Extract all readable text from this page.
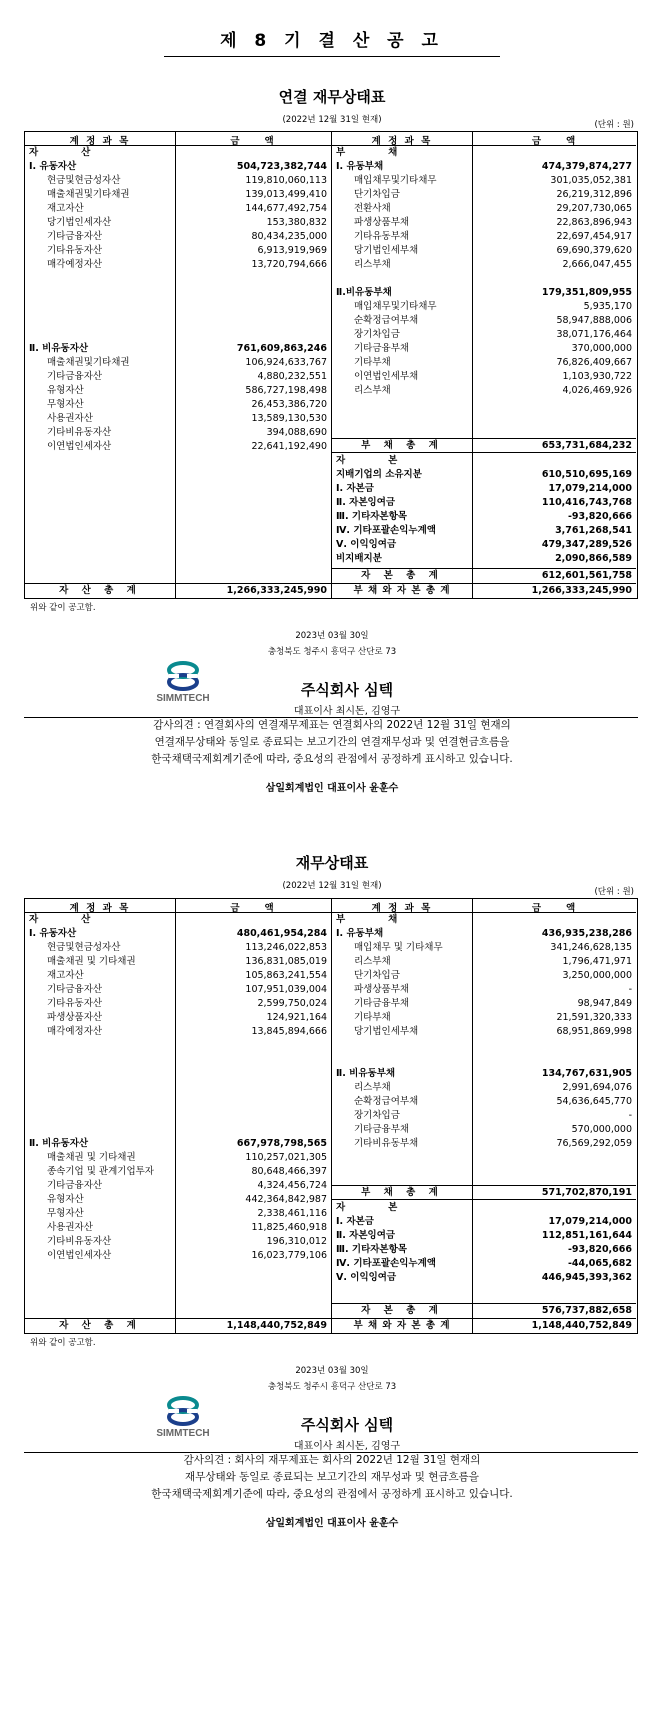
제 8 기 결 산 공 고
연결 재무상태표
(2022년 12월 31일 현재)	(단위 : 원)
계 정 과 목	금　　액
자　　　　산
Ⅰ. 유동자산	504,723,382,744
현금및현금성자산	119,810,060,113
매출채권및기타채권	139,013,499,410
재고자산	144,677,492,754
당기법인세자산	153,380,832
기타금융자산	80,434,235,000
기타유동자산	6,913,919,969
매각예정자산	13,720,794,666
Ⅱ. 비유동자산	761,609,863,246
매출채권및기타채권	106,924,633,767
기타금융자산	4,880,232,551
유형자산	586,727,198,498
무형자산	26,453,386,720
사용권자산	13,589,130,530
기타비유동자산	394,088,690
이연법인세자산	22,641,192,490
자 산 총 계	1,266,333,245,990
계 정 과 목	금　　액
부　　　　채
Ⅰ. 유동부채	474,379,874,277
매입채무및기타채무	301,035,052,381
단기차입금	26,219,312,896
전환사채	29,207,730,065
파생상품부채	22,863,896,943
기타유동부채	22,697,454,917
당기법인세부채	69,690,379,620
리스부채	2,666,047,455
Ⅱ.비유동부채	179,351,809,955
매입채무및기타채무	5,935,170
순확정급여부채	58,947,888,006
장기차입금	38,071,176,464
기타금융부채	370,000,000
기타부채	76,826,409,667
이연법인세부채	1,103,930,722
리스부채	4,026,469,926
부 채 총 계	653,731,684,232
자　　　　본
지배기업의 소유지분	610,510,695,169
Ⅰ. 자본금	17,079,214,000
Ⅱ. 자본잉여금	110,416,743,768
Ⅲ. 기타자본항목	-93,820,666
Ⅳ. 기타포괄손익누계액	3,761,268,541
Ⅴ. 이익잉여금	479,347,289,526
비지배지분	2,090,866,589
자 본 총 계	612,601,561,758
부 채 와 자 본 총 계	1,266,333,245,990
위와 같이 공고함.
2023년 03월 30일
충청북도 청주시 흥덕구 산단로 73
SIMMTECH	주식회사 심텍
대표이사 최시돈, 김영구
감사의견 : 연결회사의 연결재무제표는 연결회사의 2022년 12월 31일 현재의
연결재무상태와 동일로 종료되는 보고기간의 연결재무성과 및 연결현금흐름을
한국채택국제회계기준에 따라, 중요성의 관점에서 공정하게 표시하고 있습니다.
삼일회계법인 대표이사 윤훈수
재무상태표
(2022년 12월 31일 현재)
(단위 : 원)
계 정 과 목	금　　액
자　　　　산
Ⅰ. 유동자산	480,461,954,284
현금및현금성자산	113,246,022,853
매출채권 및 기타채권	136,831,085,019
재고자산	105,863,241,554
기타금융자산	107,951,039,004
기타유동자산	2,599,750,024
파생상품자산	124,921,164
매각예정자산	13,845,894,666
Ⅱ. 비유동자산	667,978,798,565
매출채권 및 기타채권	110,257,021,305
종속기업 및 관계기업투자	80,648,466,397
기타금융자산	4,324,456,724
유형자산	442,364,842,987
무형자산	2,338,461,116
사용권자산	11,825,460,918
기타비유동자산	196,310,012
이연법인세자산	16,023,779,106
자 산 총 계	1,148,440,752,849
계 정 과 목	금　　액
부　　　　채
Ⅰ. 유동부채	436,935,238,286
매입채무 및 기타채무	341,246,628,135
리스부채	1,796,471,971
단기차입금	3,250,000,000
파생상품부채	-
기타금융부채	98,947,849
기타부채	21,591,320,333
당기법인세부채	68,951,869,998
Ⅱ. 비유동부채	134,767,631,905
리스부채	2,991,694,076
순확정급여부채	54,636,645,770
장기차입금	-
기타금융부채	570,000,000
기타비유동부채	76,569,292,059
부 채 총 계	571,702,870,191
자　　　　본
Ⅰ. 자본금	17,079,214,000
Ⅱ. 자본잉여금	112,851,161,644
Ⅲ. 기타자본항목	-93,820,666
Ⅳ. 기타포괄손익누계액	-44,065,682
Ⅴ. 이익잉여금	446,945,393,362
자 본 총 계	576,737,882,658
부 채 와 자 본 총 계	1,148,440,752,849
위와 같이 공고함.
2023년 03월 30일
충청북도 청주시 흥덕구 산단로 73
SIMMTECH	주식회사 심텍
대표이사 최시돈, 김영구
감사의견 : 회사의 재무제표는 회사의 2022년 12월 31일 현재의
재무상태와 동일로 종료되는 보고기간의 재무성과 및 현금흐름을
한국채택국제회계기준에 따라, 중요성의 관점에서 공정하게 표시하고 있습니다.
삼일회계법인 대표이사 윤훈수
